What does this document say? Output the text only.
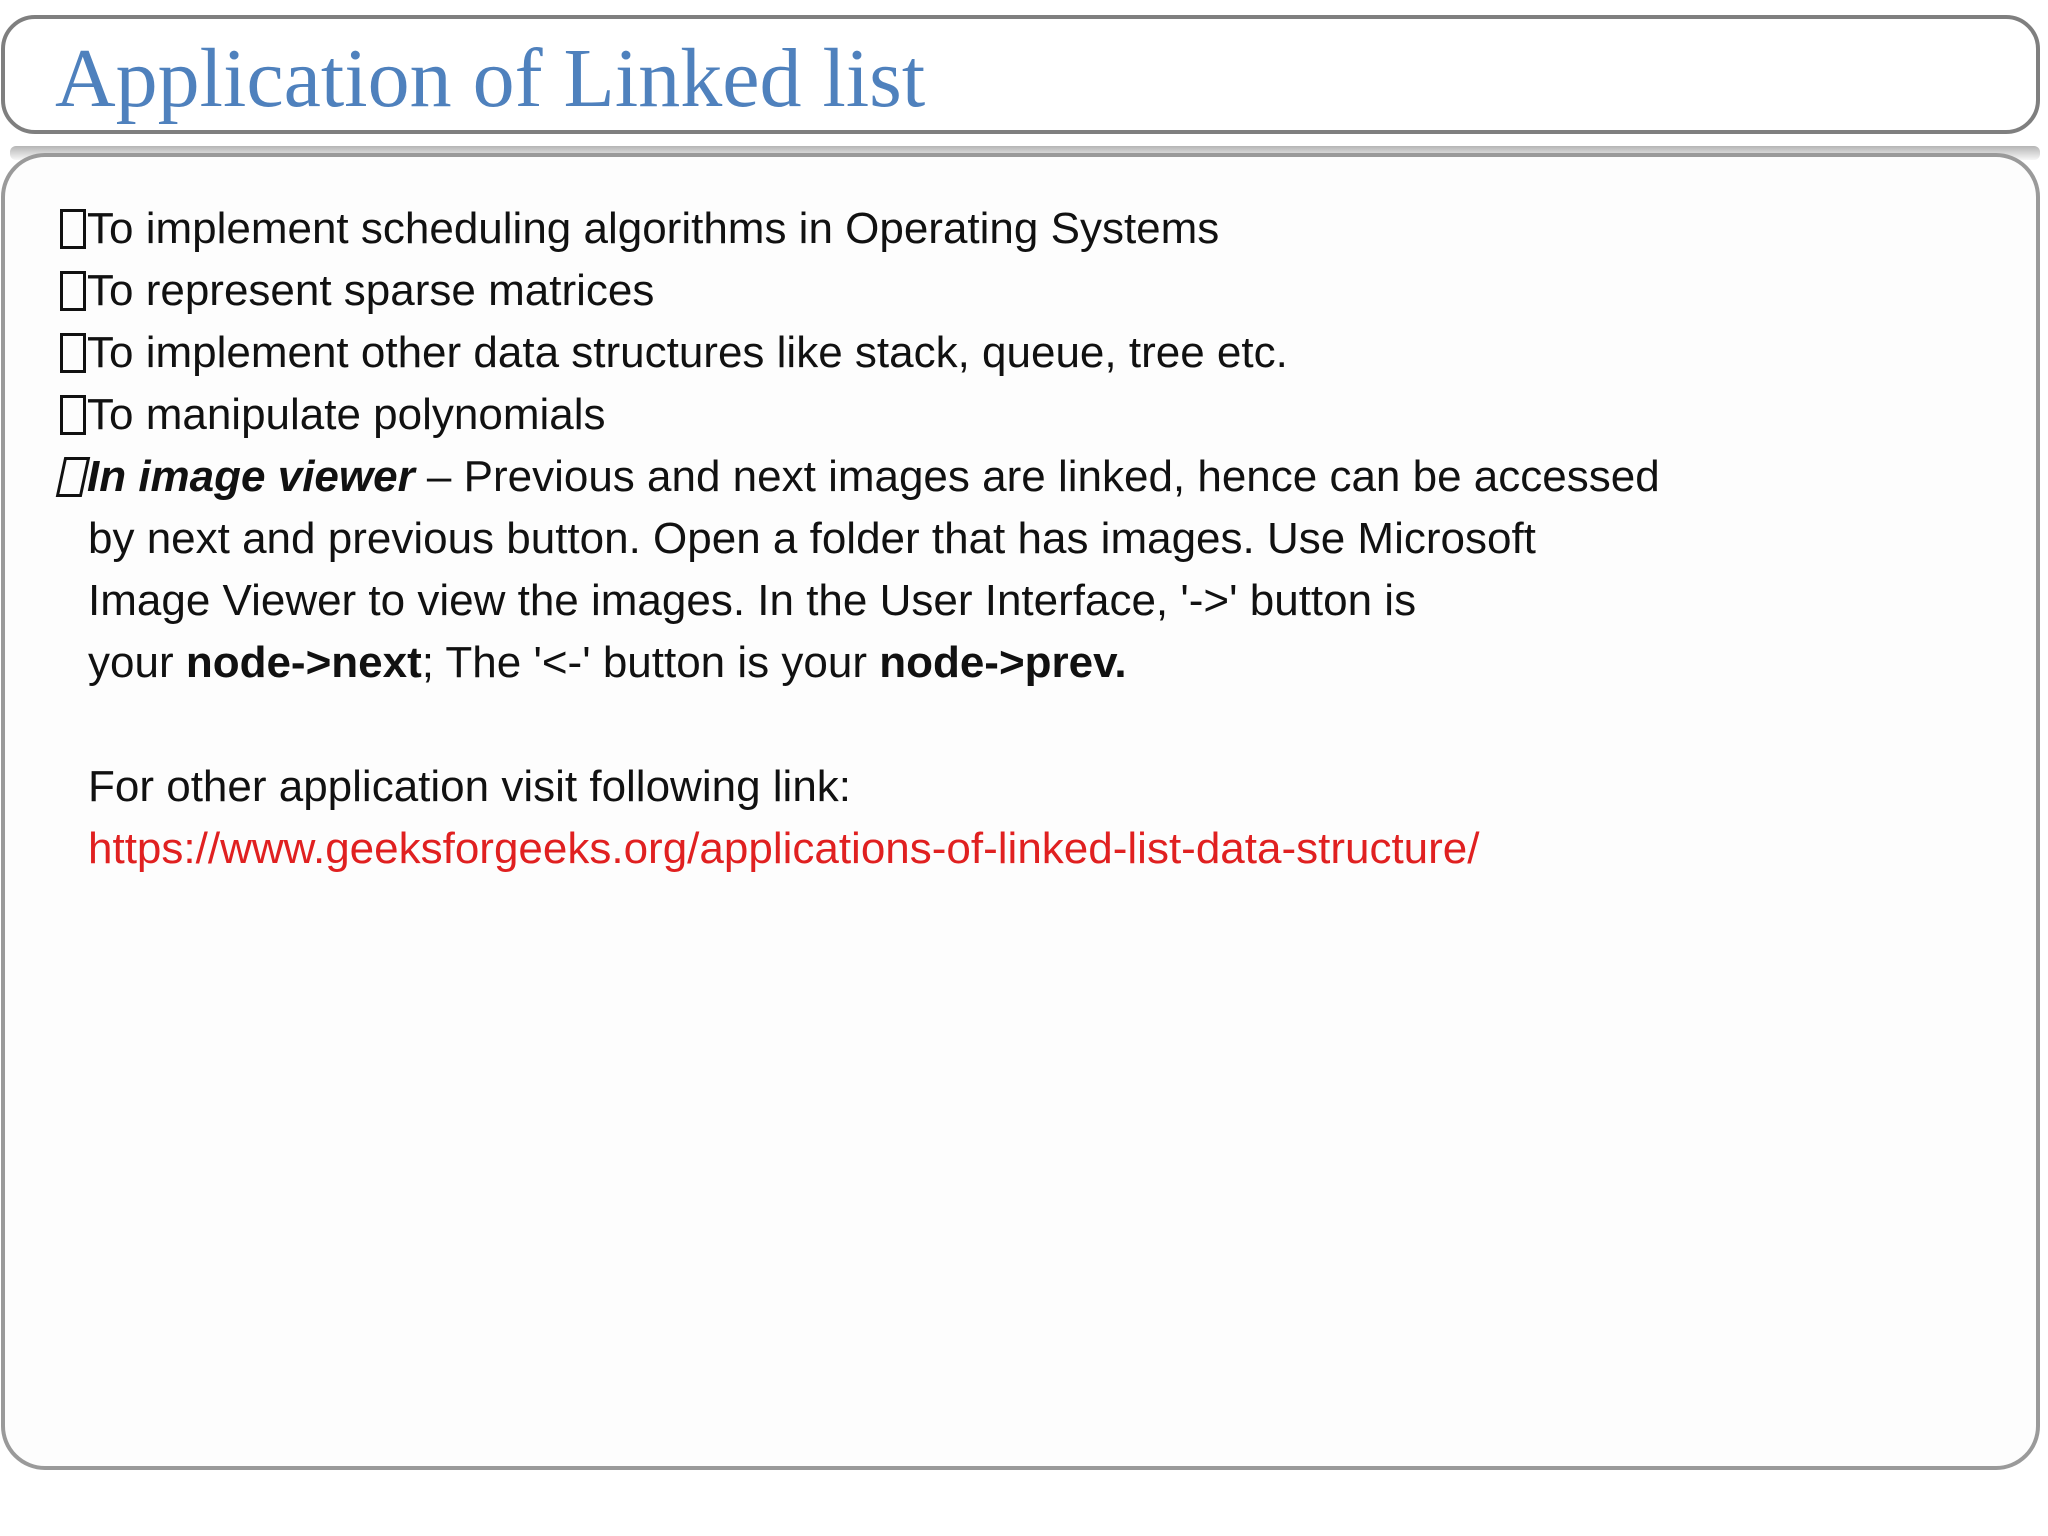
Application of Linked list
To implement scheduling algorithms in Operating Systems
To represent sparse matrices
To implement other data structures like stack, queue, tree etc.
To manipulate polynomials
In image viewer – Previous and next images are linked, hence can be accessed
by next and previous button. Open a folder that has images. Use Microsoft
Image Viewer to view the images. In the User Interface, '->' button is
your node->next; The '<-' button is your node->prev.
For other application visit following link:
https://www.geeksforgeeks.org/applications-of-linked-list-data-structure/
